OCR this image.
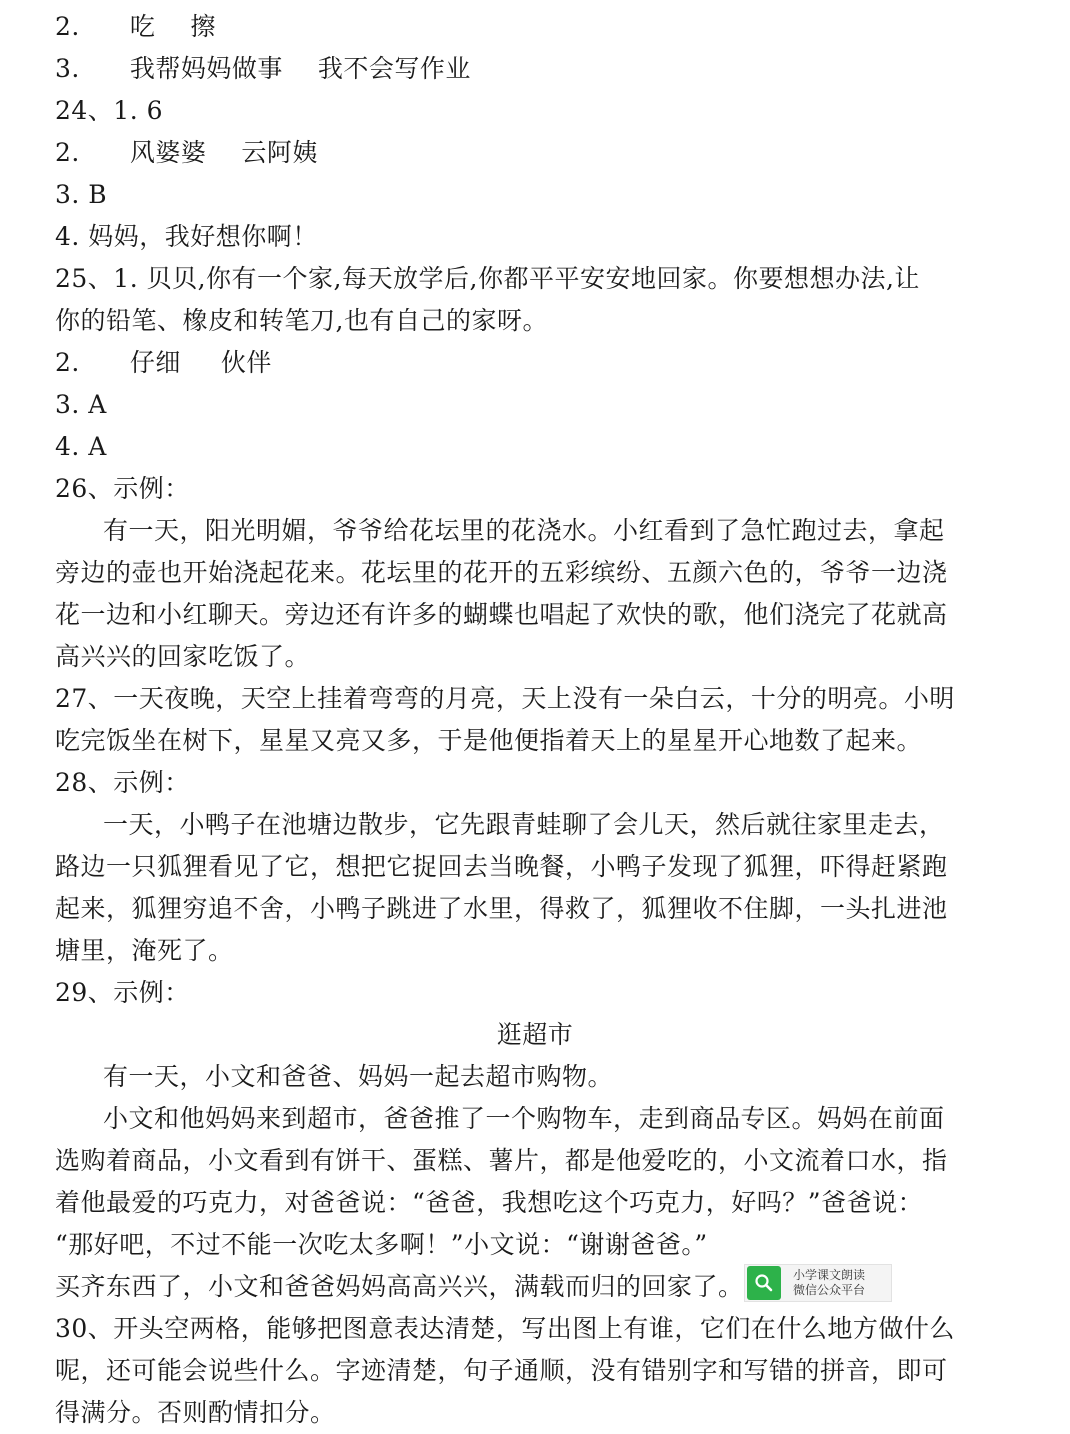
2. 吃 擦
3. 我帮妈妈做事 我不会写作业
24、1. 6
2. 风婆婆 云阿姨
3. B
4. 妈妈，我好想你啊！
25、1. 贝贝,你有一个家,每天放学后,你都平平安安地回家。你要想想办法,让
你的铅笔、橡皮和转笔刀,也有自己的家呀。
2. 仔细 伙伴
3. A
4. A
26、示例：
有一天，阳光明媚，爷爷给花坛里的花浇水。小红看到了急忙跑过去，拿起
旁边的壶也开始浇起花来。花坛里的花开的五彩缤纷、五颜六色的，爷爷一边浇
花一边和小红聊天。旁边还有许多的蝴蝶也唱起了欢快的歌，他们浇完了花就高
高兴兴的回家吃饭了。
27、一天夜晚，天空上挂着弯弯的月亮，天上没有一朵白云，十分的明亮。小明
吃完饭坐在树下，星星又亮又多，于是他便指着天上的星星开心地数了起来。
28、示例：
一天，小鸭子在池塘边散步，它先跟青蛙聊了会儿天，然后就往家里走去，
路边一只狐狸看见了它，想把它捉回去当晚餐，小鸭子发现了狐狸，吓得赶紧跑
起来，狐狸穷追不舍，小鸭子跳进了水里，得救了，狐狸收不住脚，一头扎进池
塘里，淹死了。
29、示例：
逛超市
有一天，小文和爸爸、妈妈一起去超市购物。
小文和他妈妈来到超市，爸爸推了一个购物车，走到商品专区。妈妈在前面
选购着商品，小文看到有饼干、蛋糕、薯片，都是他爱吃的，小文流着口水，指
着他最爱的巧克力，对爸爸说：“爸爸，我想吃这个巧克力，好吗？”爸爸说：
“那好吧，不过不能一次吃太多啊！”小文说：“谢谢爸爸。”
买齐东西了，小文和爸爸妈妈高高兴兴，满载而归的回家了。
30、开头空两格，能够把图意表达清楚，写出图上有谁，它们在什么地方做什么
呢，还可能会说些什么。字迹清楚，句子通顺，没有错别字和写错的拼音，即可
得满分。否则酌情扣分。
小学课文朗读
微信公众平台
